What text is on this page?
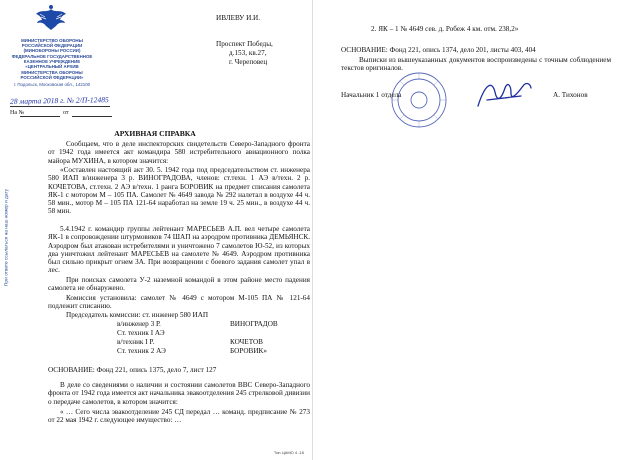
При ответе ссылаться на наш номер и дату
МИНИСТЕРСТВО ОБОРОНЫ
РОССИЙСКОЙ ФЕДЕРАЦИИ
(МИНОБОРОНЫ РОССИИ)
ФЕДЕРАЛЬНОЕ ГОСУДАРСТВЕННОЕ
КАЗЕННОЕ УЧРЕЖДЕНИЕ
«ЦЕНТРАЛЬНЫЙ АРХИВ
МИНИСТЕРСТВА ОБОРОНЫ
РОССИЙСКОЙ ФЕДЕРАЦИИ»
г. Подольск, Московская обл., 142100
28 марта 2018 г. № 2/П-12485
На №	от
ИВЛЕВУ И.И.
Проспект Победы,
д.153, кв.27,
г. Череповец
АРХИВНАЯ СПРАВКА
Сообщаем, что в деле инспекторских свидетельств Северо-Западного фронта от 1942 года имеется акт командира 580 истребительного авиационного полка майора МУХИНА, в котором значится:
«Составлен настоящий акт 30. 5. 1942 года под председательством ст. инженера 580 ИАП в/инженера 3 р. ВИНОГРАДОВА, членов: ст.техн. 1 АЭ в/техн. 2 р. КОЧЕТОВА, ст.техн. 2 АЭ в/техн. 1 ранга БОРОВИК на предмет списания самолета ЯК-1 с мотором М – 105 ПА. Самолет № 4649 завода № 292 налетал в воздухе 44 ч. 58 мин., мотор М – 105 ПА 121-64 наработал на земле 19 ч. 25 мин., в воздухе 44 ч. 58 мин.
5.4.1942 г. командир группы лейтенант МАРЕСЬЕВ А.П. вел четыре самолета ЯК-1 в сопровождении штурмовиков 74 ШАП на аэродром противника ДЕМЬЯНСК. Аэродром был атакован истребителями и уничтожено 7 самолетов Ю-52, из которых два уничтожил лейтенант МАРЕСЬЕВ на самолете № 4649. Аэродром противника был сильно прикрыт огнем ЗА. При возвращении с боевого задания самолет упал в лес.
При поисках самолета У-2 наземной командой в этом районе место падения самолета не обнаружено.
Комиссия установила: самолет № 4649 с мотором М-105 ПА № 121-64 подлежит списанию.
Председатель комиссии: ст. инженер 580 ИАП
в/инженер 3 Р.	ВИНОГРАДОВ
Ст. техник I АЭ
в/техник I Р.	КОЧЕТОВ
Ст. техник 2 АЭ	БОРОВИК»
ОСНОВАНИЕ: Фонд 221, опись 1375, дело 7, лист 127
В деле со сведениями о наличии и состоянии самолетов ВВС Северо-Западного фронта от 1942 года имеется акт начальника эвакоотделения 245 стрелковой дивизии о передаче самолетов, в котором значится:
« … Сего числа эвакоотделение 245 СД передал … команд. предписание № 273 от 22 мая 1942 г. следующее имущество: …
Тип ЦАМО 4 -16
2. ЯК – 1 № 4649 сев. д. Робеж 4 км. отм. 238,2»
ОСНОВАНИЕ: Фонд 221, опись 1374, дело 201, листы 403, 404
Выписки из вышеуказанных документов воспроизведены с точным соблюдением текстов оригиналов.
Начальник 1 отдела	А. Тихонов
